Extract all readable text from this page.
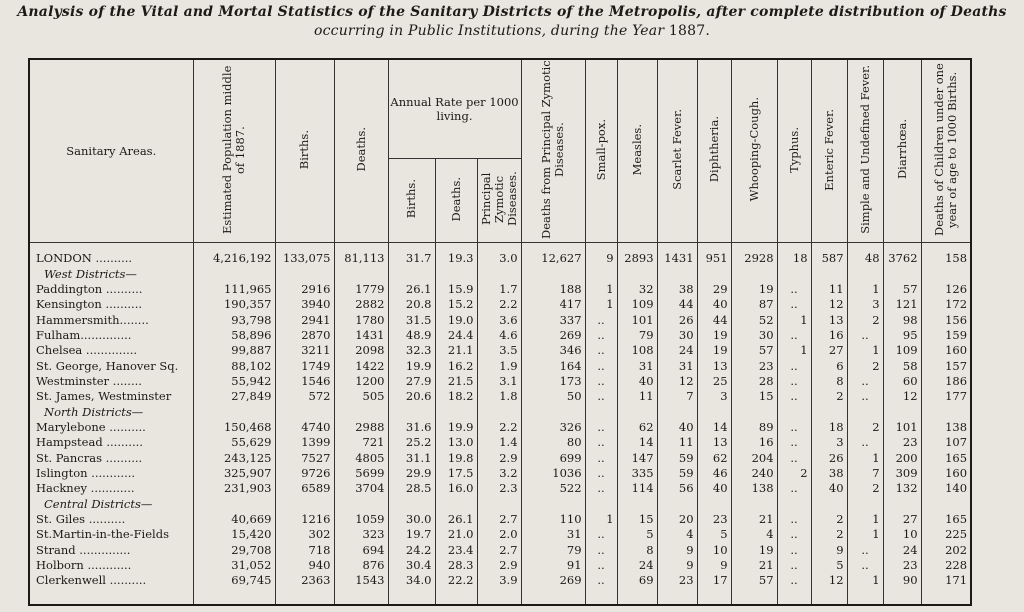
Analysis of the Vital and Mortal Statistics of the Sanitary Districts of the Metropolis, after complete distribution of Deaths
occurring in Public Institutions, during the Year 1887.
Sanitary Areas.	Estimated Population middle of 1887.	Births.	Deaths.	Annual Rate per 1000 living.			Deaths from Principal Zymotic Diseases.	Small-pox.	Measles.	Scarlet Fever.	Diphtheria.	Whooping-Cough.	Typhus.	Enteric Fever.	Simple and Undefined Fever.	Diarrhœa.	Deaths of Children under one year of age to 1000 Births.
				Births.	Deaths.	Principal Zymotic Diseases.											

LONDON ..........	4,216,192	133,075	81,113	31.7	19.3	3.0	12,627	9	2893	1431	951	2928	18	587	48	3762	158
West Districts—																	
Paddington ..........	111,965	2916	1779	26.1	15.9	1.7	188	1	32	38	29	19	..	11	1	57	126
Kensington ..........	190,357	3940	2882	20.8	15.2	2.2	417	1	109	44	40	87	..	12	3	121	172
Hammersmith........	93,798	2941	1780	31.5	19.0	3.6	337	..	101	26	44	52	1	13	2	98	156
Fulham..............	58,896	2870	1431	48.9	24.4	4.6	269	..	79	30	19	30	..	16	..	95	159
Chelsea ..............	99,887	3211	2098	32.3	21.1	3.5	346	..	108	24	19	57	1	27	1	109	160
St. George, Hanover Sq.	88,102	1749	1422	19.9	16.2	1.9	164	..	31	31	13	23	..	6	2	58	157
Westminster ........	55,942	1546	1200	27.9	21.5	3.1	173	..	40	12	25	28	..	8	..	60	186
St. James, Westminster	27,849	572	505	20.6	18.2	1.8	50	..	11	7	3	15	..	2	..	12	177
North Districts—																	
Marylebone ..........	150,468	4740	2988	31.6	19.9	2.2	326	..	62	40	14	89	..	18	2	101	138
Hampstead ..........	55,629	1399	721	25.2	13.0	1.4	80	..	14	11	13	16	..	3	..	23	107
St. Pancras ..........	243,125	7527	4805	31.1	19.8	2.9	699	..	147	59	62	204	..	26	1	200	165
Islington ............	325,907	9726	5699	29.9	17.5	3.2	1036	..	335	59	46	240	2	38	7	309	160
Hackney ............	231,903	6589	3704	28.5	16.0	2.3	522	..	114	56	40	138	..	40	2	132	140
Central Districts—																	
St. Giles ..........	40,669	1216	1059	30.0	26.1	2.7	110	1	15	20	23	21	..	2	1	27	165
St.Martin-in-the-Fields	15,420	302	323	19.7	21.0	2.0	31	..	5	4	5	4	..	2	1	10	225
Strand ..............	29,708	718	694	24.2	23.4	2.7	79	..	8	9	10	19	..	9	..	24	202
Holborn ............	31,052	940	876	30.4	28.3	2.9	91	..	24	9	9	21	..	5	..	23	228
Clerkenwell ..........	69,745	2363	1543	34.0	22.2	3.9	269	..	69	23	17	57	..	12	1	90	171
